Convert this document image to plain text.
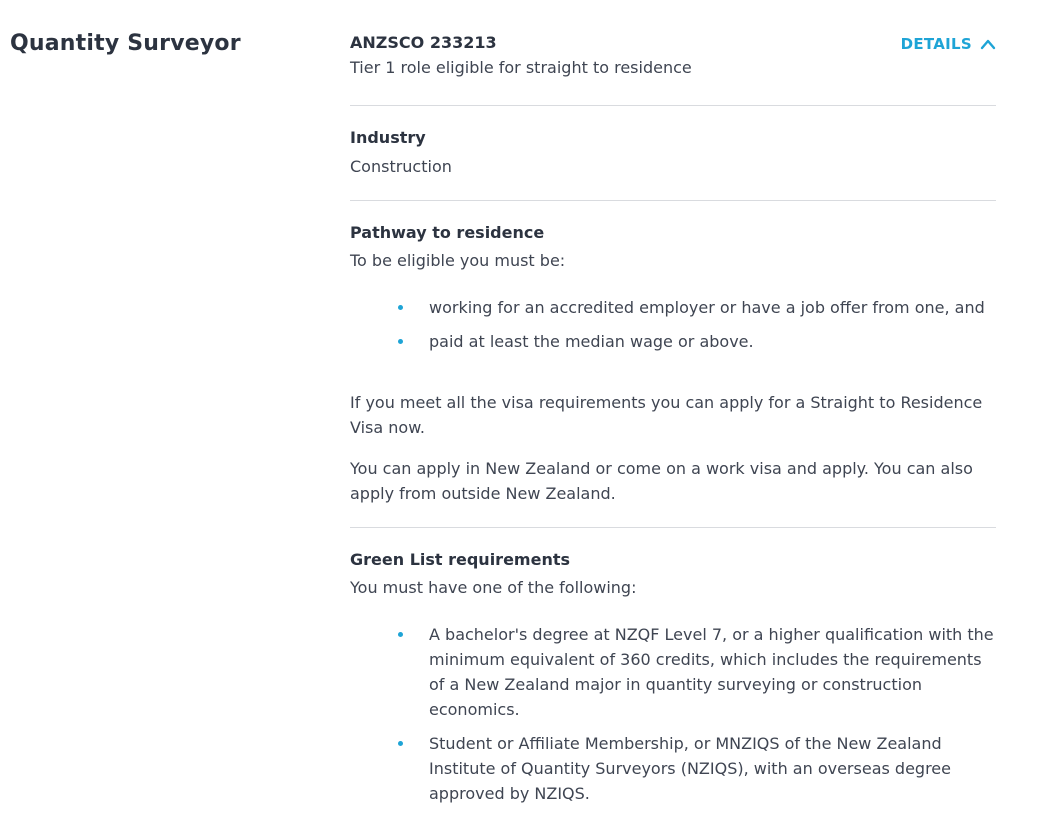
Quantity Surveyor	ANZSCO 233213
Tier 1 role eligible for straight to residence
DETAILS
Industry
Construction
Pathway to residence
To be eligible you must be:
working for an accredited employer or have a job offer from one, and
paid at least the median wage or above.

If you meet all the visa requirements you can apply for a Straight to Residence Visa now.

You can apply in New Zealand or come on a work visa and apply. You can also apply from outside New Zealand.

Green List requirements
You must have one of the following:
A bachelor's degree at NZQF Level 7, or a higher qualification with the minimum equivalent of 360 credits, which includes the requirements of a New Zealand major in quantity surveying or construction economics.
Student or Affiliate Membership, or MNZIQS of the New Zealand Institute of Quantity Surveyors (NZIQS), with an overseas degree approved by NZIQS.
